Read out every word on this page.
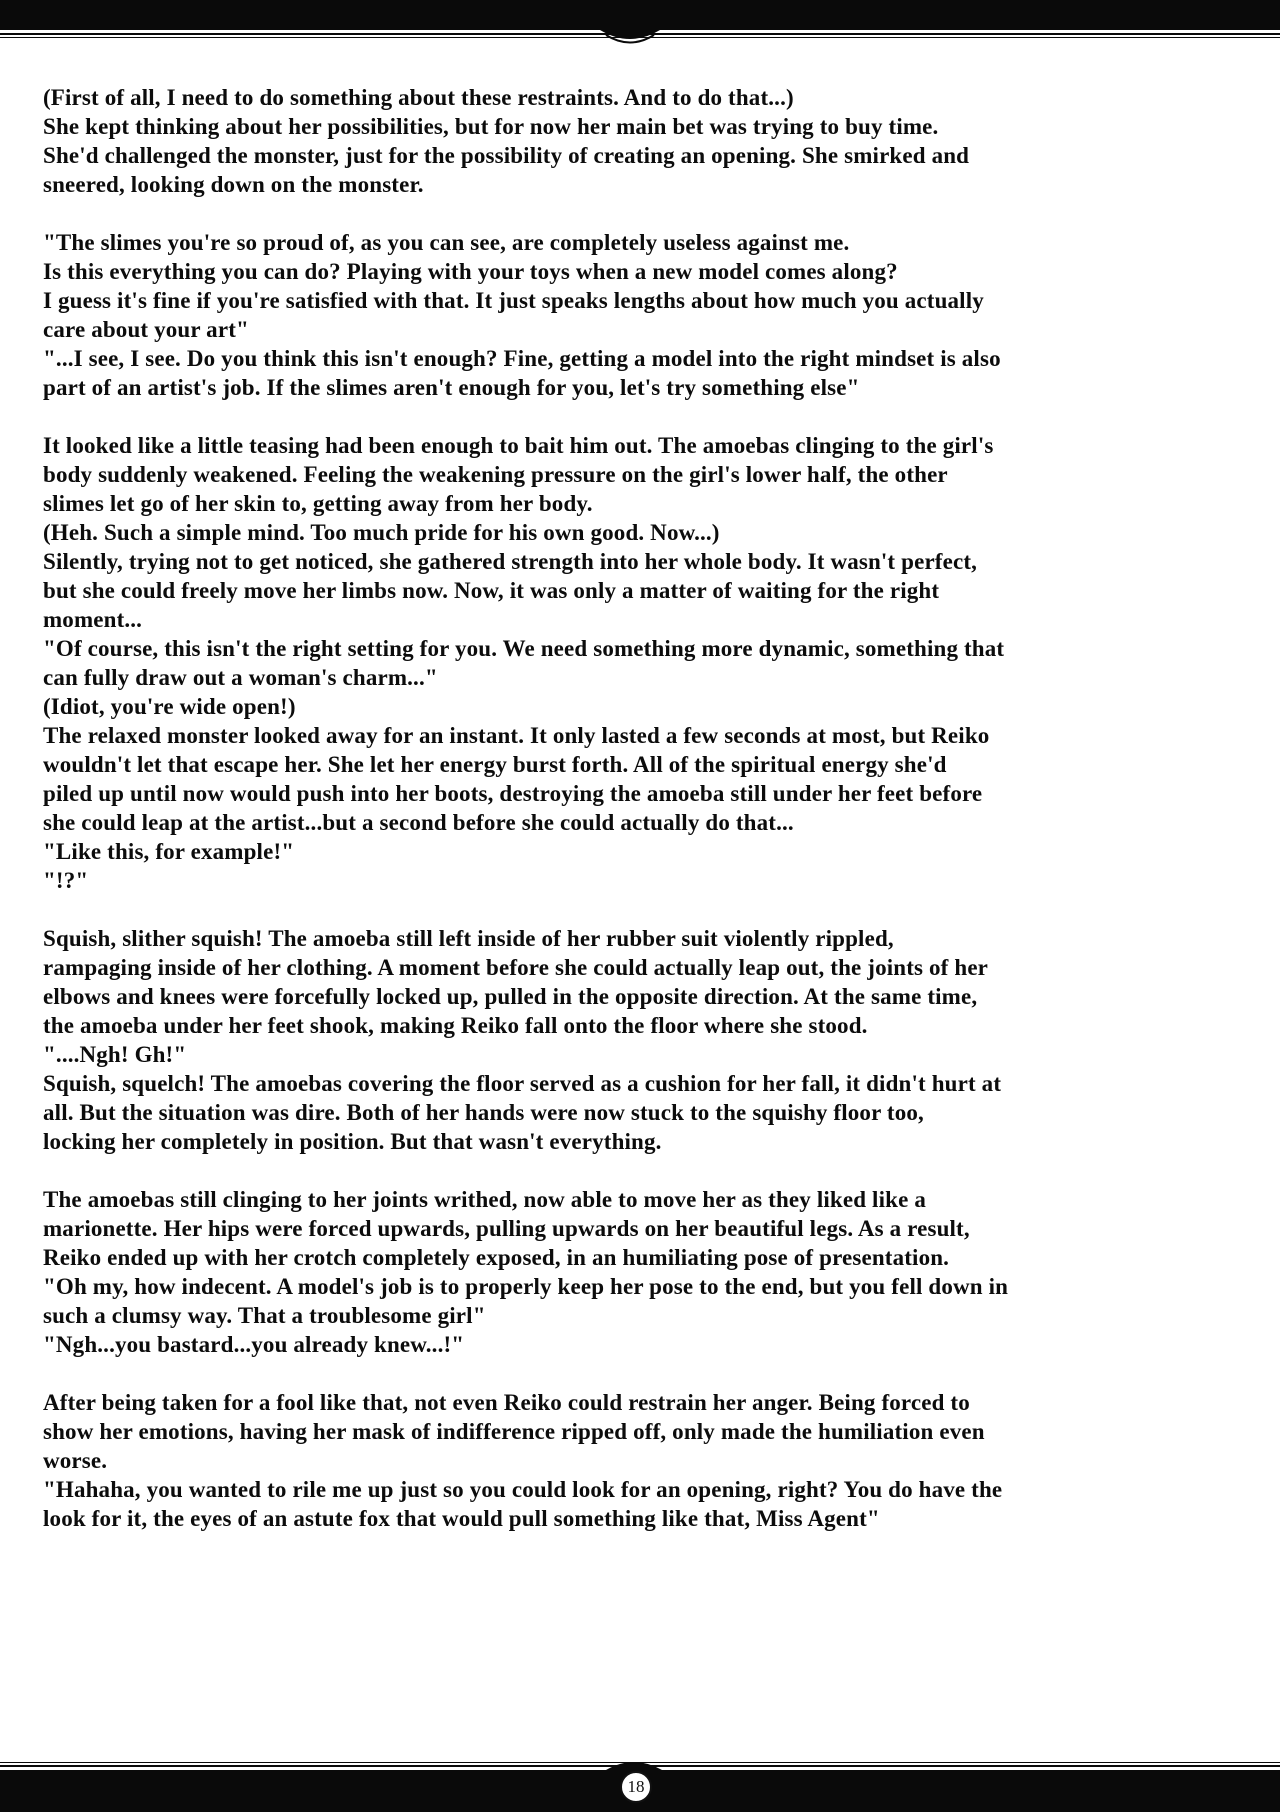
(First of all, I need to do something about these restraints. And to do that...)
She kept thinking about her possibilities, but for now her main bet was trying to buy time.
She'd challenged the monster, just for the possibility of creating an opening. She smirked and
sneered, looking down on the monster.

"The slimes you're so proud of, as you can see, are completely useless against me.
Is this everything you can do? Playing with your toys when a new model comes along?
I guess it's fine if you're satisfied with that. It just speaks lengths about how much you actually
care about your art"
"...I see, I see. Do you think this isn't enough? Fine, getting a model into the right mindset is also
part of an artist's job. If the slimes aren't enough for you, let's try something else"

It looked like a little teasing had been enough to bait him out. The amoebas clinging to the girl's
body suddenly weakened. Feeling the weakening pressure on the girl's lower half, the other
slimes let go of her skin to, getting away from her body.
(Heh. Such a simple mind. Too much pride for his own good. Now...)
Silently, trying not to get noticed, she gathered strength into her whole body. It wasn't perfect,
but she could freely move her limbs now. Now, it was only a matter of waiting for the right
moment...
"Of course, this isn't the right setting for you. We need something more dynamic, something that
can fully draw out a woman's charm..."
(Idiot, you're wide open!)
The relaxed monster looked away for an instant. It only lasted a few seconds at most, but Reiko
wouldn't let that escape her. She let her energy burst forth. All of the spiritual energy she'd
piled up until now would push into her boots, destroying the amoeba still under her feet before
she could leap at the artist...but a second before she could actually do that...
"Like this, for example!"
"!?"

Squish, slither squish! The amoeba still left inside of her rubber suit violently rippled,
rampaging inside of her clothing. A moment before she could actually leap out, the joints of her
elbows and knees were forcefully locked up, pulled in the opposite direction. At the same time,
the amoeba under her feet shook, making Reiko fall onto the floor where she stood.
"....Ngh! Gh!"
Squish, squelch! The amoebas covering the floor served as a cushion for her fall, it didn't hurt at
all. But the situation was dire. Both of her hands were now stuck to the squishy floor too,
locking her completely in position. But that wasn't everything.

The amoebas still clinging to her joints writhed, now able to move her as they liked like a
marionette. Her hips were forced upwards, pulling upwards on her beautiful legs. As a result,
Reiko ended up with her crotch completely exposed, in an humiliating pose of presentation.
"Oh my, how indecent. A model's job is to properly keep her pose to the end, but you fell down in
such a clumsy way. That a troublesome girl"
"Ngh...you bastard...you already knew...!"

After being taken for a fool like that, not even Reiko could restrain her anger. Being forced to
show her emotions, having her mask of indifference ripped off, only made the humiliation even
worse.
"Hahaha, you wanted to rile me up just so you could look for an opening, right? You do have the
look for it, the eyes of an astute fox that would pull something like that, Miss Agent"

18
